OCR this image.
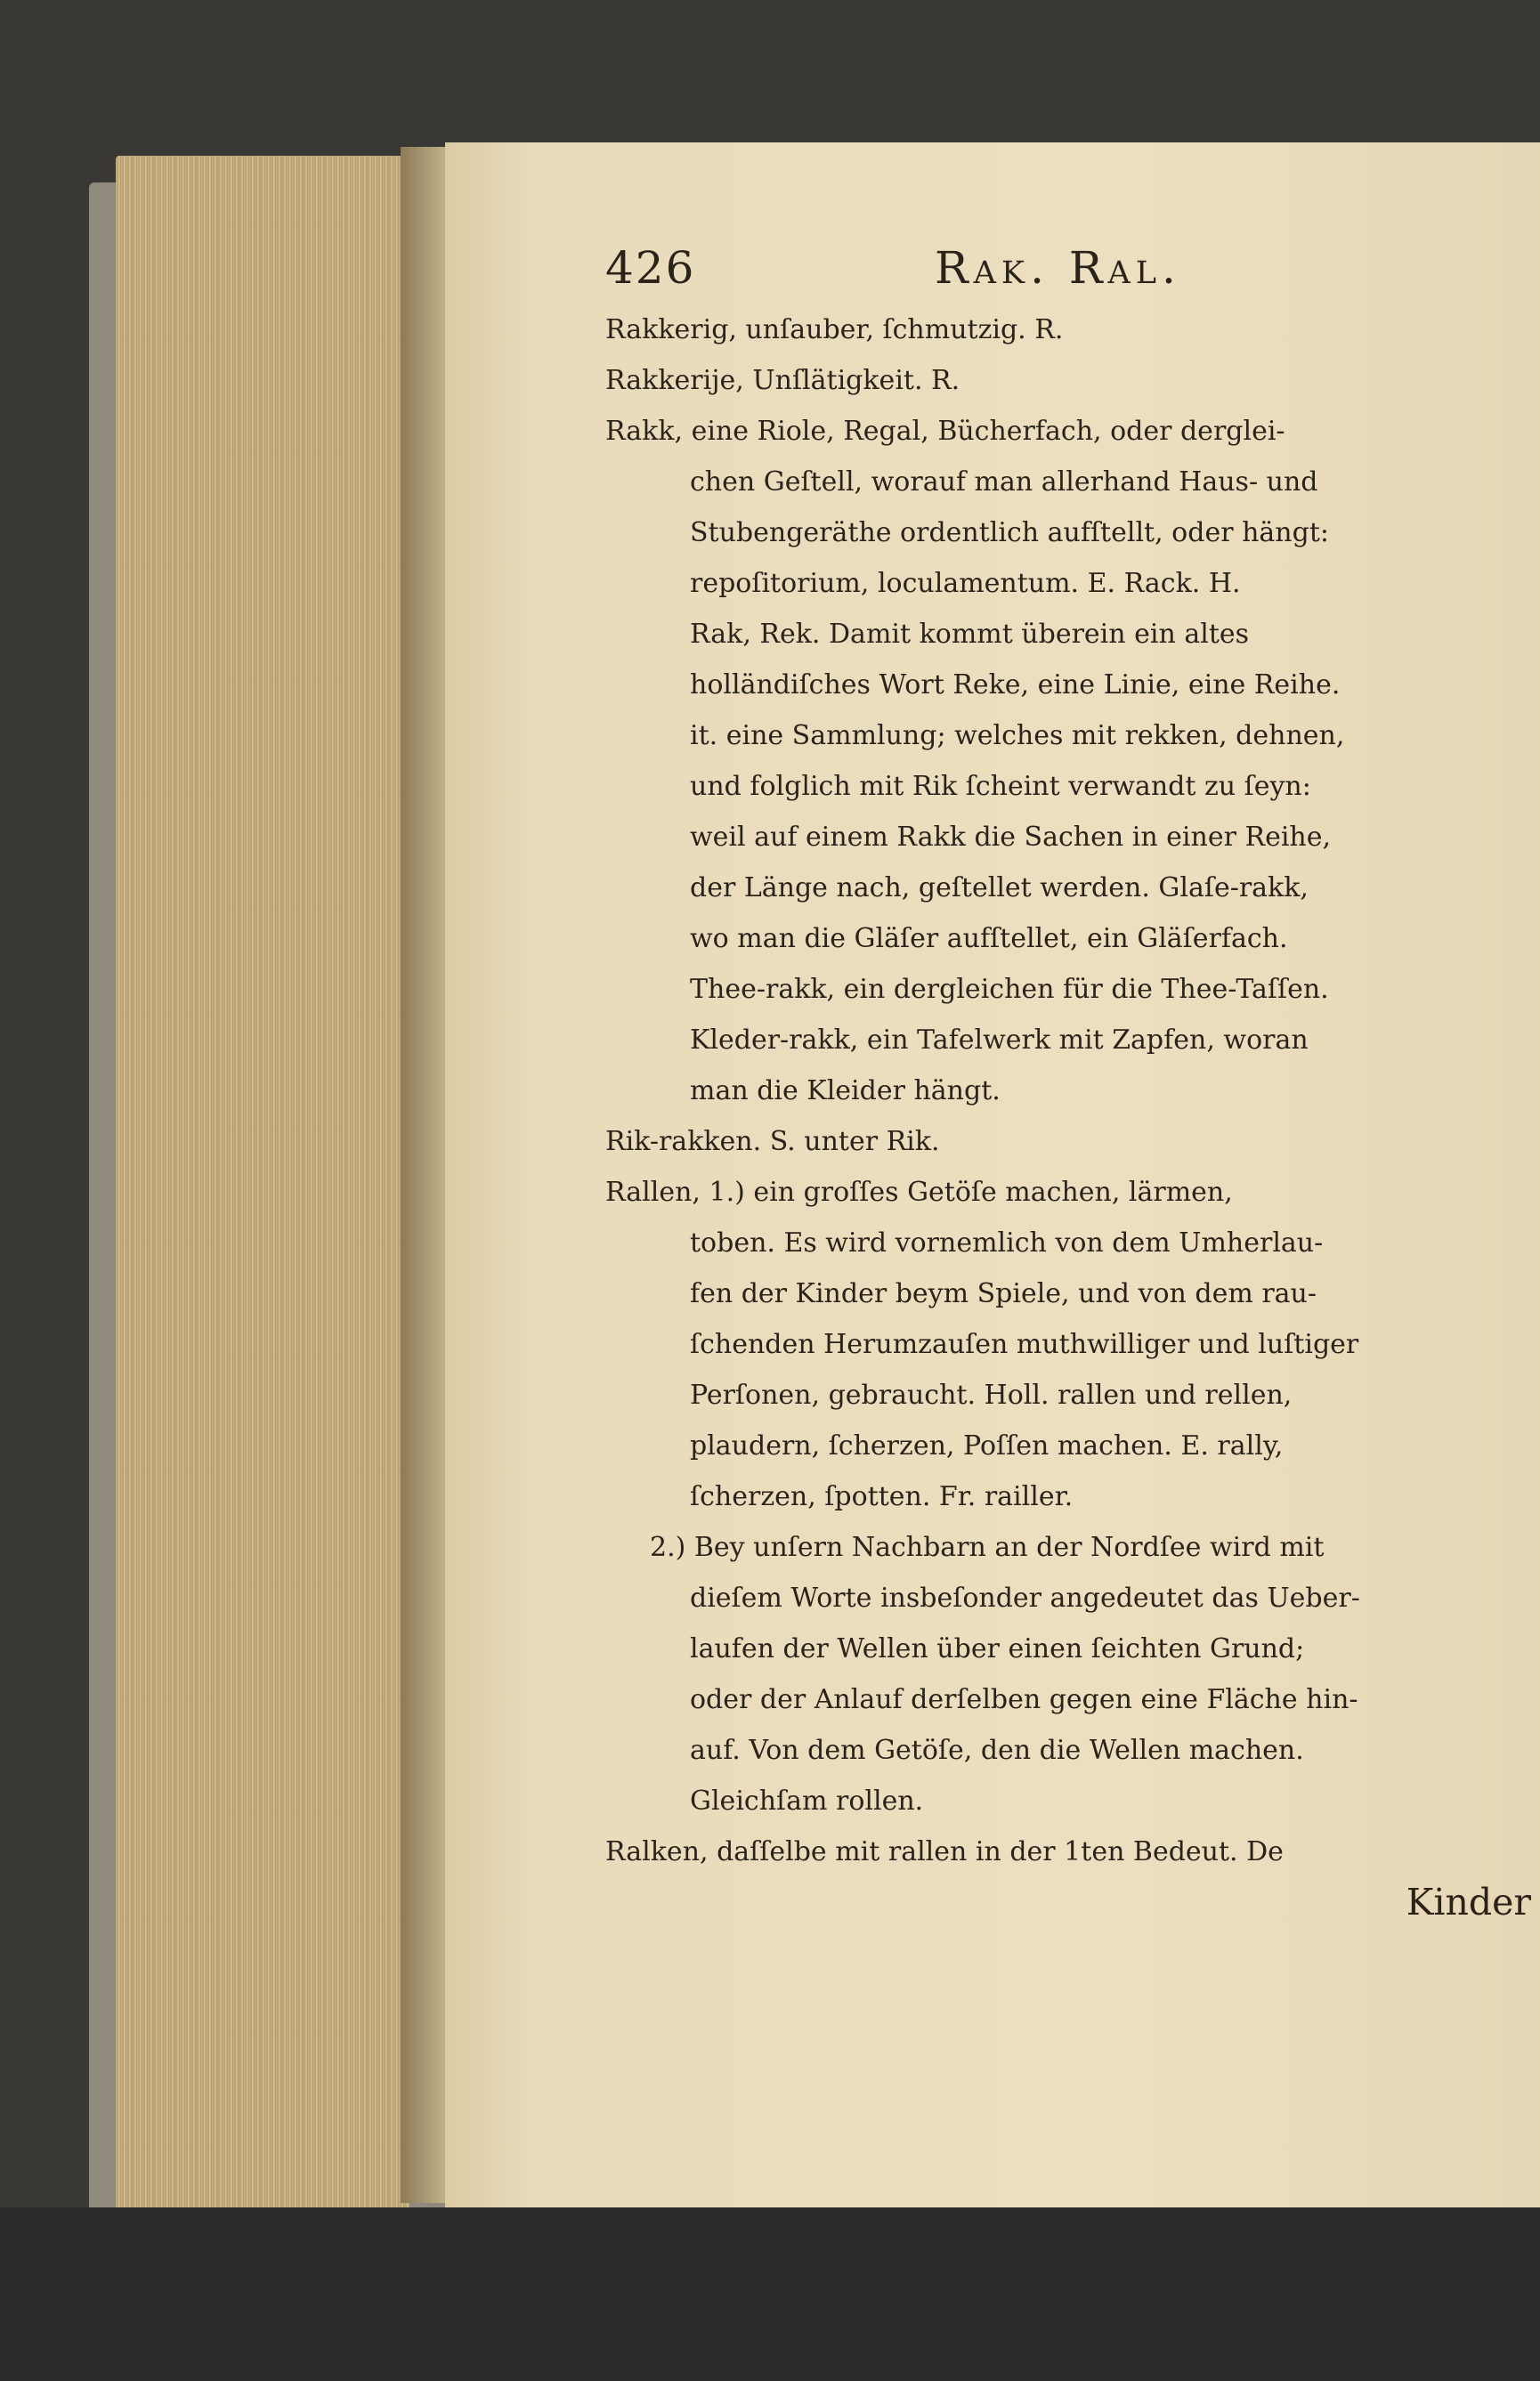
426	Rak. Ral.
Rakkerig, unſauber, ſchmutzig. R.
Rakkerije, Unſlätigkeit. R.
Rakk, eine Riole, Regal, Bücherfach, oder derglei-
chen Geſtell, worauf man allerhand Haus- und
Stubengeräthe ordentlich aufſtellt, oder hängt:
repoſitorium, loculamentum. E. Rack. H.
Rak, Rek. Damit kommt überein ein altes
holländiſches Wort Reke, eine Linie, eine Reihe.
it. eine Sammlung; welches mit rekken, dehnen,
und folglich mit Rik ſcheint verwandt zu ſeyn:
weil auf einem Rakk die Sachen in einer Reihe,
der Länge nach, geſtellet werden. Glaſe-rakk,
wo man die Gläſer aufſtellet, ein Gläſerfach.
Thee-rakk, ein dergleichen für die Thee-Taſſen.
Kleder-rakk, ein Tafelwerk mit Zapfen, woran
man die Kleider hängt.
Rik-rakken. S. unter Rik.
Rallen, 1.) ein groſſes Getöſe machen, lärmen,
toben. Es wird vornemlich von dem Umherlau-
fen der Kinder beym Spiele, und von dem rau-
ſchenden Herumzauſen muthwilliger und luſtiger
Perſonen, gebraucht. Holl. rallen und rellen,
plaudern, ſcherzen, Poſſen machen. E. rally,
ſcherzen, ſpotten. Fr. railler.
2.) Bey unſern Nachbarn an der Nordſee wird mit
dieſem Worte insbeſonder angedeutet das Ueber-
laufen der Wellen über einen ſeichten Grund;
oder der Anlauf derſelben gegen eine Fläche hin-
auf. Von dem Getöſe, den die Wellen machen.
Gleichſam rollen.
Ralken, daſſelbe mit rallen in der 1ten Bedeut. De
Kinder
